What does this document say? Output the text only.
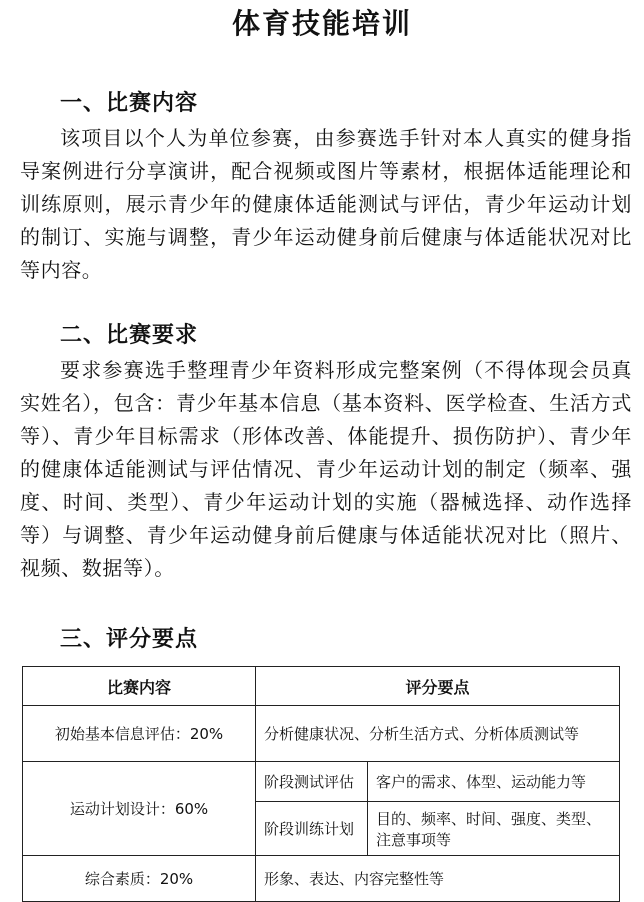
体育技能培训
一、比赛内容
该项目以个人为单位参赛，由参赛选手针对本人真实的健身指导案例进行分享演讲，配合视频或图片等素材，根据体适能理论和训练原则，展示青少年的健康体适能测试与评估，青少年运动计划的制订、实施与调整，青少年运动健身前后健康与体适能状况对比等内容。
二、比赛要求
要求参赛选手整理青少年资料形成完整案例（不得体现会员真实姓名），包含：青少年基本信息（基本资料、医学检查、生活方式等）、青少年目标需求（形体改善、体能提升、损伤防护）、青少年的健康体适能测试与评估情况、青少年运动计划的制定（频率、强度、时间、类型）、青少年运动计划的实施（器械选择、动作选择等）与调整、青少年运动健身前后健康与体适能状况对比（照片、视频、数据等）。
三、评分要点
比赛内容	评分要点	
初始基本信息评估：20%	分析健康状况、分析生活方式、分析体质测试等	
运动计划设计：60%	阶段测试评估	客户的需求、体型、运动能力等
	阶段训练计划	目的、频率、时间、强度、类型、注意事项等
综合素质：20%	形象、表达、内容完整性等	
